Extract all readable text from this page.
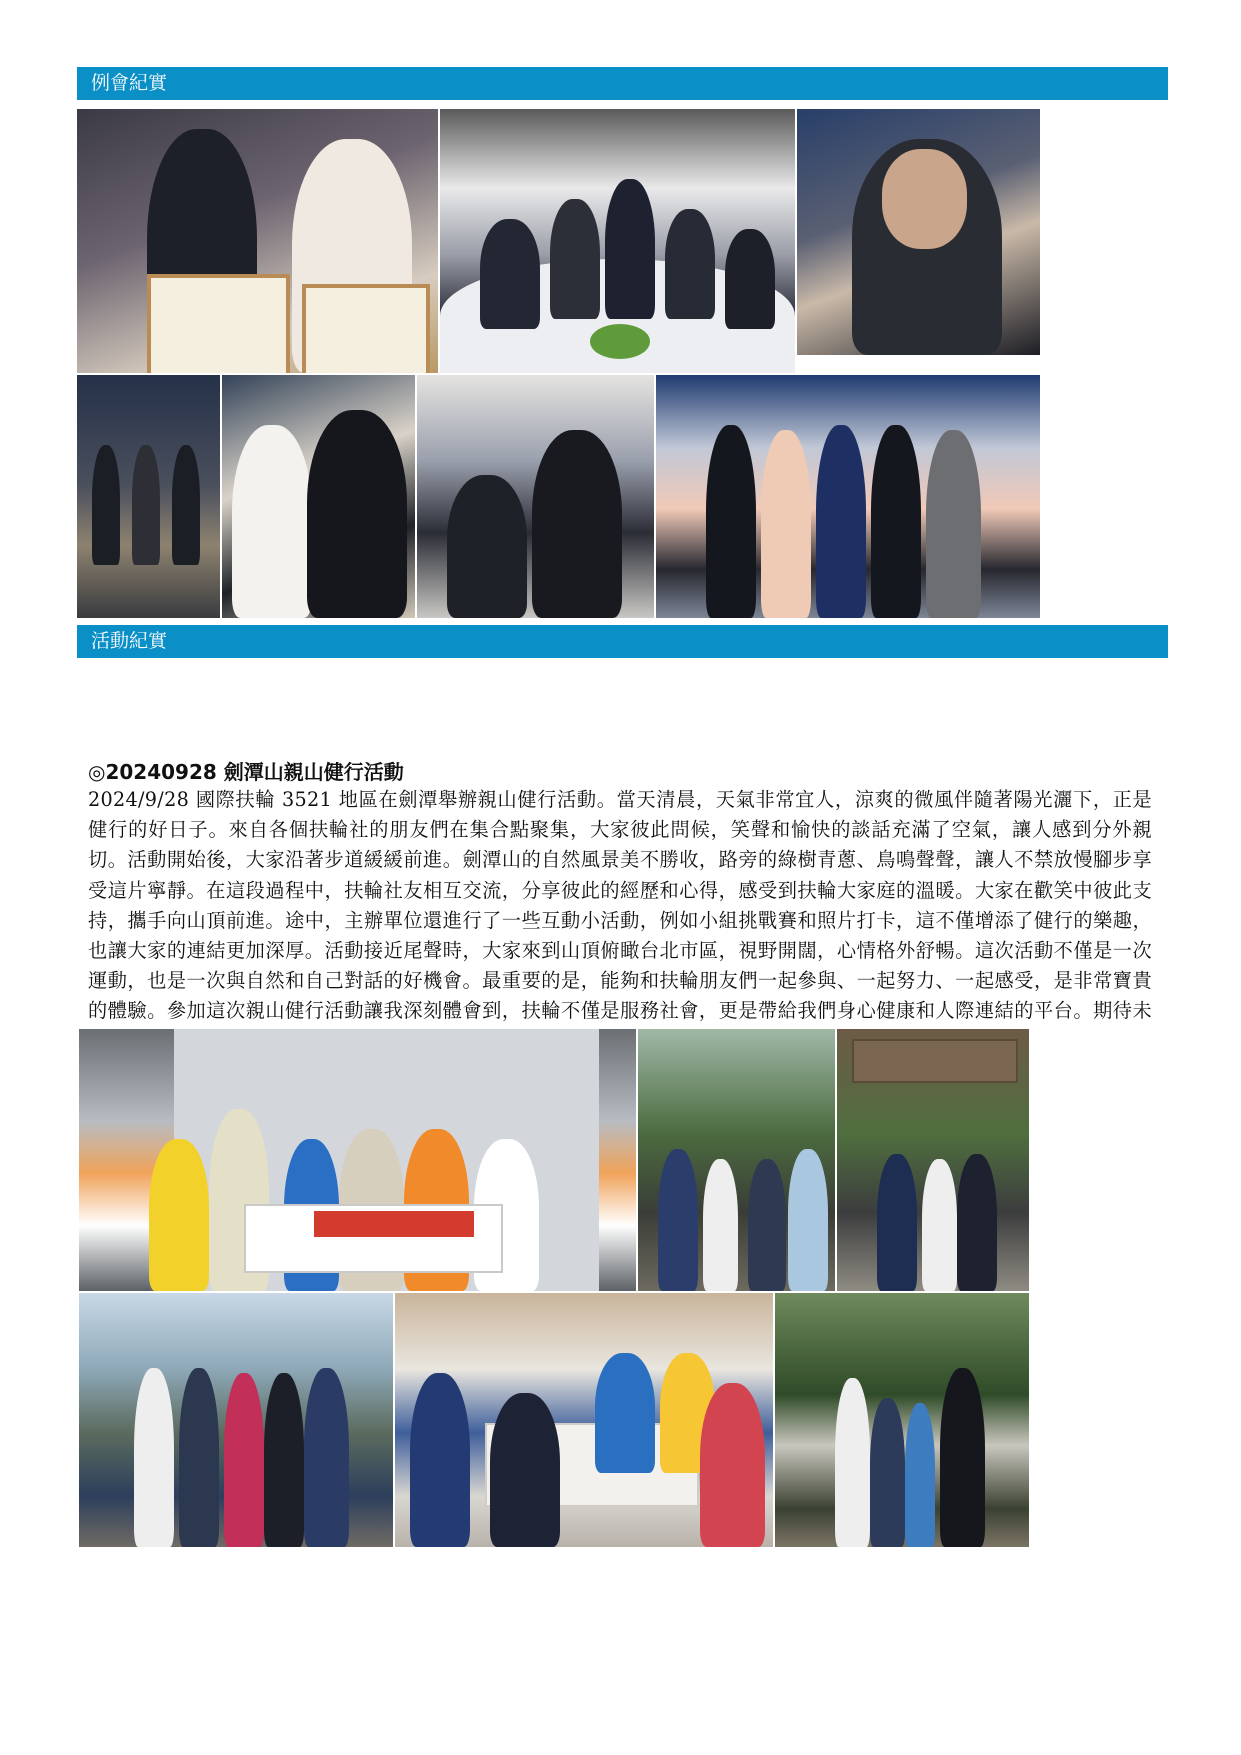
例會紀實
活動紀實
◎20240928 劍潭山親山健行活動
2024/9/28 國際扶輪 3521 地區在劍潭舉辦親山健行活動。當天清晨，天氣非常宜人，涼爽的微風伴隨著陽光灑下，正是健行的好日子。來自各個扶輪社的朋友們在集合點聚集，大家彼此問候，笑聲和愉快的談話充滿了空氣，讓人感到分外親切。活動開始後，大家沿著步道緩緩前進。劍潭山的自然風景美不勝收，路旁的綠樹青蔥、鳥鳴聲聲，讓人不禁放慢腳步享受這片寧靜。在這段過程中，扶輪社友相互交流，分享彼此的經歷和心得，感受到扶輪大家庭的溫暖。大家在歡笑中彼此支持，攜手向山頂前進。途中，主辦單位還進行了一些互動小活動，例如小組挑戰賽和照片打卡，這不僅增添了健行的樂趣，也讓大家的連結更加深厚。活動接近尾聲時，大家來到山頂俯瞰台北市區，視野開闊，心情格外舒暢。這次活動不僅是一次運動，也是一次與自然和自己對話的好機會。最重要的是，能夠和扶輪朋友們一起參與、一起努力、一起感受，是非常寶貴的體驗。參加這次親山健行活動讓我深刻體會到，扶輪不僅是服務社會，更是帶給我們身心健康和人際連結的平台。期待未
